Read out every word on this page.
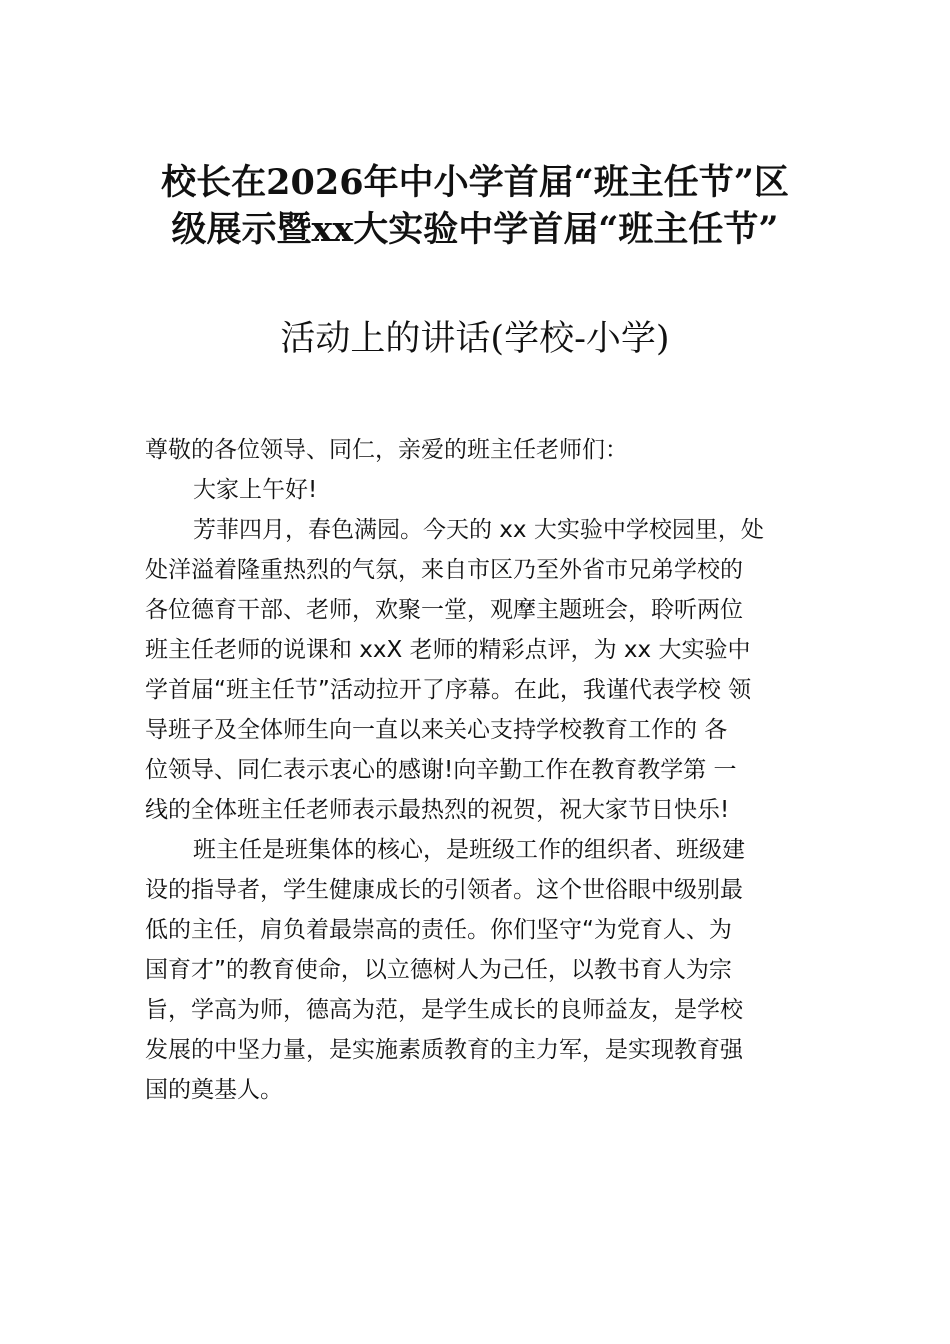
校长在2026年中小学首届“班主任节”区
级展示暨xx大实验中学首届“班主任节”
活动上的讲话(学校-小学)
尊敬的各位领导、同仁，亲爱的班主任老师们：
大家上午好!
芳菲四月，春色满园。今天的 xx 大实验中学校园里，处
处洋溢着隆重热烈的气氛，来自市区乃至外省市兄弟学校的
各位德育干部、老师，欢聚一堂，观摩主题班会，聆听两位
班主任老师的说课和 xxX 老师的精彩点评，为 xx 大实验中
学首届“班主任节”活动拉开了序幕。在此，我谨代表学校 领
导班子及全体师生向一直以来关心支持学校教育工作的 各
位领导、同仁表示衷心的感谢!向辛勤工作在教育教学第 一
线的全体班主任老师表示最热烈的祝贺，祝大家节日快乐!
班主任是班集体的核心，是班级工作的组织者、班级建
设的指导者，学生健康成长的引领者。这个世俗眼中级别最
低的主任，肩负着最崇高的责任。你们坚守“为党育人、为
国育才”的教育使命，以立德树人为己任，以教书育人为宗
旨，学高为师，德高为范，是学生成长的良师益友，是学校
发展的中坚力量，是实施素质教育的主力军，是实现教育强
国的奠基人。
